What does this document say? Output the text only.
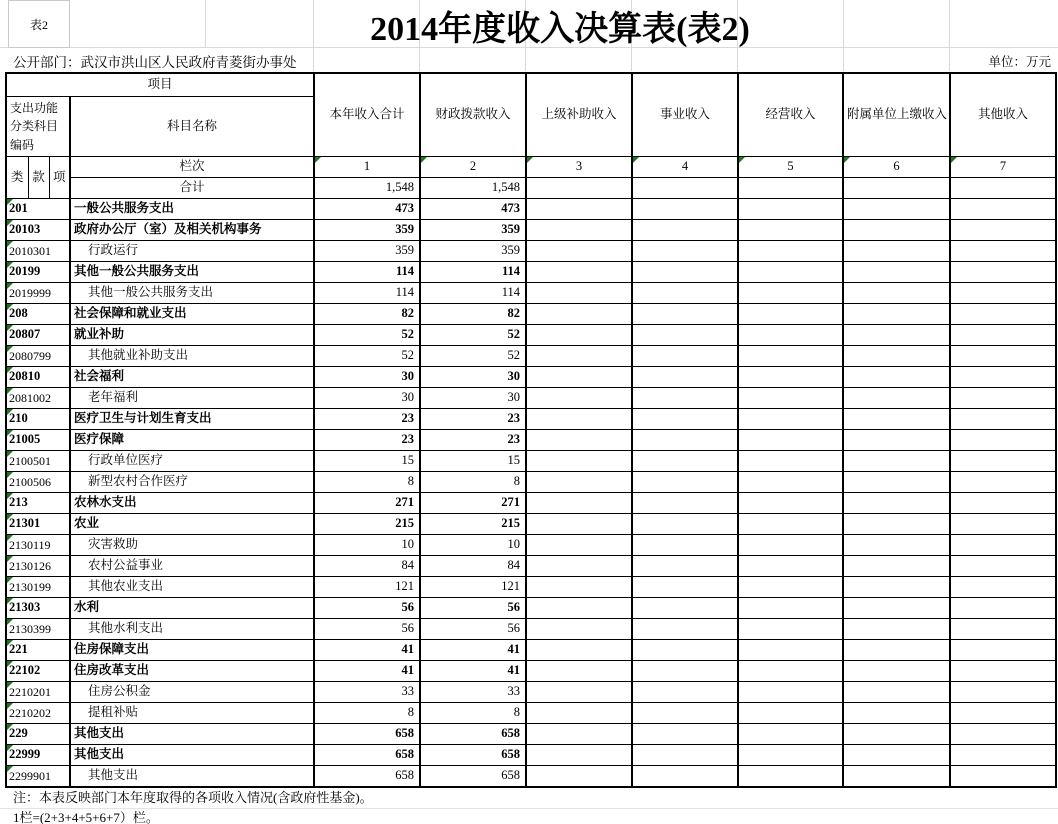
表2	2014年度收入决算表(表2)
公开部门：武汉市洪山区人民政府青菱街办事处	单位：万元
项目				本年收入合计	财政拨款收入	上级补助收入	事业收入	经营收入	附属单位上缴收入	其他收入
支出功能分类科目编码			科目名称							
类	款	项	栏次	1	2	3	4	5	6	7
			合计	1,548	1,548					
201			一般公共服务支出	473	473					
20103			政府办公厅（室）及相关机构事务	359	359					
2010301			行政运行	359	359					
20199			其他一般公共服务支出	114	114					
2019999			其他一般公共服务支出	114	114					
208			社会保障和就业支出	82	82					
20807			就业补助	52	52					
2080799			其他就业补助支出	52	52					
20810			社会福利	30	30					
2081002			老年福利	30	30					
210			医疗卫生与计划生育支出	23	23					
21005			医疗保障	23	23					
2100501			行政单位医疗	15	15					
2100506			新型农村合作医疗	8	8					
213			农林水支出	271	271					
21301			农业	215	215					
2130119			灾害救助	10	10					
2130126			农村公益事业	84	84					
2130199			其他农业支出	121	121					
21303			水利	56	56					
2130399			其他水利支出	56	56					
221			住房保障支出	41	41					
22102			住房改革支出	41	41					
2210201			住房公积金	33	33					
2210202			提租补贴	8	8					
229			其他支出	658	658					
22999			其他支出	658	658					
2299901			其他支出	658	658					
注：本表反映部门本年度取得的各项收入情况(含政府性基金)。
1栏=(2+3+4+5+6+7）栏。
